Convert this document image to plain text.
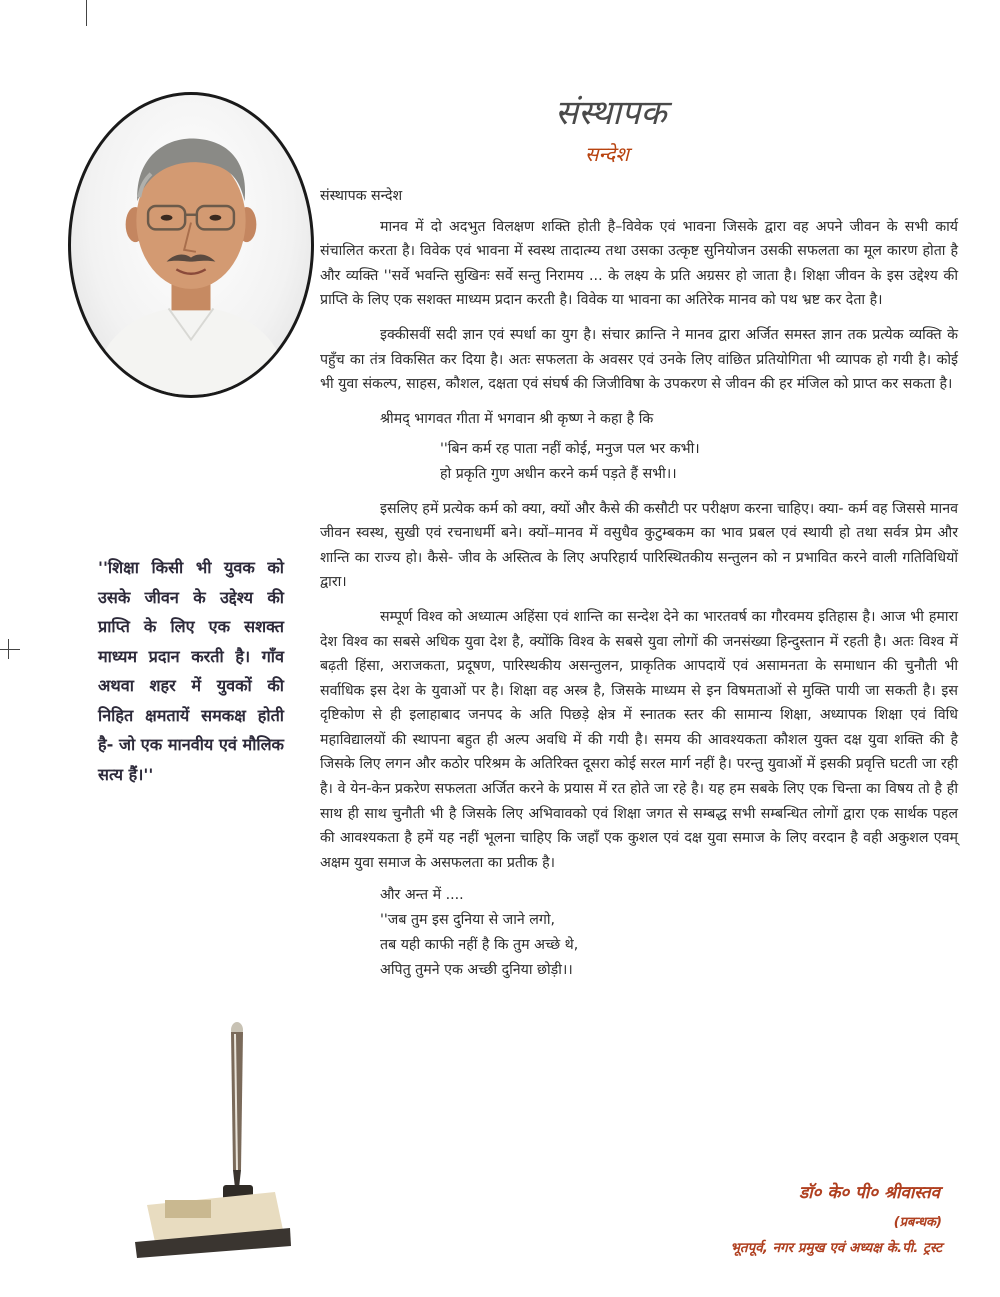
संस्थापक
सन्देश

संस्थापक सन्देश

मानव में दो अदभुत विलक्षण शक्ति होती है–विवेक एवं भावना जिसके द्वारा वह अपने जीवन के सभी कार्य संचालित करता है। विवेक एवं भावना में स्वस्थ तादात्म्य तथा उसका उत्कृष्ट सुनियोजन उसकी सफलता का मूल कारण होता है और व्यक्ति ''सर्वे भवन्ति सुखिनः सर्वे सन्तु निरामय ... के लक्ष्य के प्रति अग्रसर हो जाता है। शिक्षा जीवन के इस उद्देश्य की प्राप्ति के लिए एक सशक्त माध्यम प्रदान करती है। विवेक या भावना का अतिरेक मानव को पथ भ्रष्ट कर देता है।

इक्कीसवीं सदी ज्ञान एवं स्पर्धा का युग है। संचार क्रान्ति ने मानव द्वारा अर्जित समस्त ज्ञान तक प्रत्येक व्यक्ति के पहुँच का तंत्र विकसित कर दिया है। अतः सफलता के अवसर एवं उनके लिए वांछित प्रतियोगिता भी व्यापक हो गयी है। कोई भी युवा संकल्प, साहस, कौशल, दक्षता एवं संघर्ष की जिजीविषा के उपकरण से जीवन की हर मंजिल को प्राप्त कर सकता है।

श्रीमद् भागवत गीता में भगवान श्री कृष्ण ने कहा है कि

''बिन कर्म रह पाता नहीं कोई, मनुज पल भर कभी।
हो प्रकृति गुण अधीन करने कर्म पड़ते हैं सभी।।

इसलिए हमें प्रत्येक कर्म को क्या, क्यों और कैसे की कसौटी पर परीक्षण करना चाहिए। क्या- कर्म वह जिससे मानव जीवन स्वस्थ, सुखी एवं रचनाधर्मी बने। क्यों–मानव में वसुधैव कुटुम्बकम का भाव प्रबल एवं स्थायी हो तथा सर्वत्र प्रेम और शान्ति का राज्य हो। कैसे- जीव के अस्तित्व के लिए अपरिहार्य पारिस्थितकीय सन्तुलन को न प्रभावित करने वाली गतिविधियों द्वारा।

सम्पूर्ण विश्व को अध्यात्म अहिंसा एवं शान्ति का सन्देश देने का भारतवर्ष का गौरवमय इतिहास है। आज भी हमारा देश विश्व का सबसे अधिक युवा देश है, क्योंकि विश्व के सबसे युवा लोगों की जनसंख्या हिन्दुस्तान में रहती है। अतः विश्व में बढ़ती हिंसा, अराजकता, प्रदूषण, पारिस्थकीय असन्तुलन, प्राकृतिक आपदायें एवं असामनता के समाधान की चुनौती भी सर्वाधिक इस देश के युवाओं पर है। शिक्षा वह अस्त्र है, जिसके माध्यम से इन विषमताओं से मुक्ति पायी जा सकती है। इस दृष्टिकोण से ही इलाहाबाद जनपद के अति पिछड़े क्षेत्र में स्नातक स्तर की सामान्य शिक्षा, अध्यापक शिक्षा एवं विधि महाविद्यालयों की स्थापना बहुत ही अल्प अवधि में की गयी है। समय की आवश्यकता कौशल युक्त दक्ष युवा शक्ति की है जिसके लिए लगन और कठोर परिश्रम के अतिरिक्त दूसरा कोई सरल मार्ग नहीं है। परन्तु युवाओं में इसकी प्रवृत्ति घटती जा रही है। वे येन-केन प्रकरेण सफलता अर्जित करने के प्रयास में रत होते जा रहे है। यह हम सबके लिए एक चिन्ता का विषय तो है ही साथ ही साथ चुनौती भी है जिसके लिए अभिवावको एवं शिक्षा जगत से सम्बद्ध सभी सम्बन्धित लोगों द्वारा एक सार्थक पहल की आवश्यकता है हमें यह नहीं भूलना चाहिए कि जहाँ एक कुशल एवं दक्ष युवा समाज के लिए वरदान है वही अकुशल एवम् अक्षम युवा समाज के असफलता का प्रतीक है।

और अन्त में ....
''जब तुम इस दुनिया से जाने लगो,
तब यही काफी नहीं है कि तुम अच्छे थे,
अपितु तुमने एक अच्छी दुनिया छोड़ी।।
''शिक्षा किसी भी युवक को उसके जीवन के उद्देश्य की प्राप्ति के लिए एक सशक्त माध्यम प्रदान करती है। गाँव अथवा शहर में युवकों की निहित क्षमतायें समकक्ष होती है- जो एक मानवीय एवं मौलिक सत्य हैं।''
डॉ० के० पी० श्रीवास्तव
(प्रबन्धक)
भूतपूर्व, नगर प्रमुख एवं अध्यक्ष के.पी. ट्रस्ट
